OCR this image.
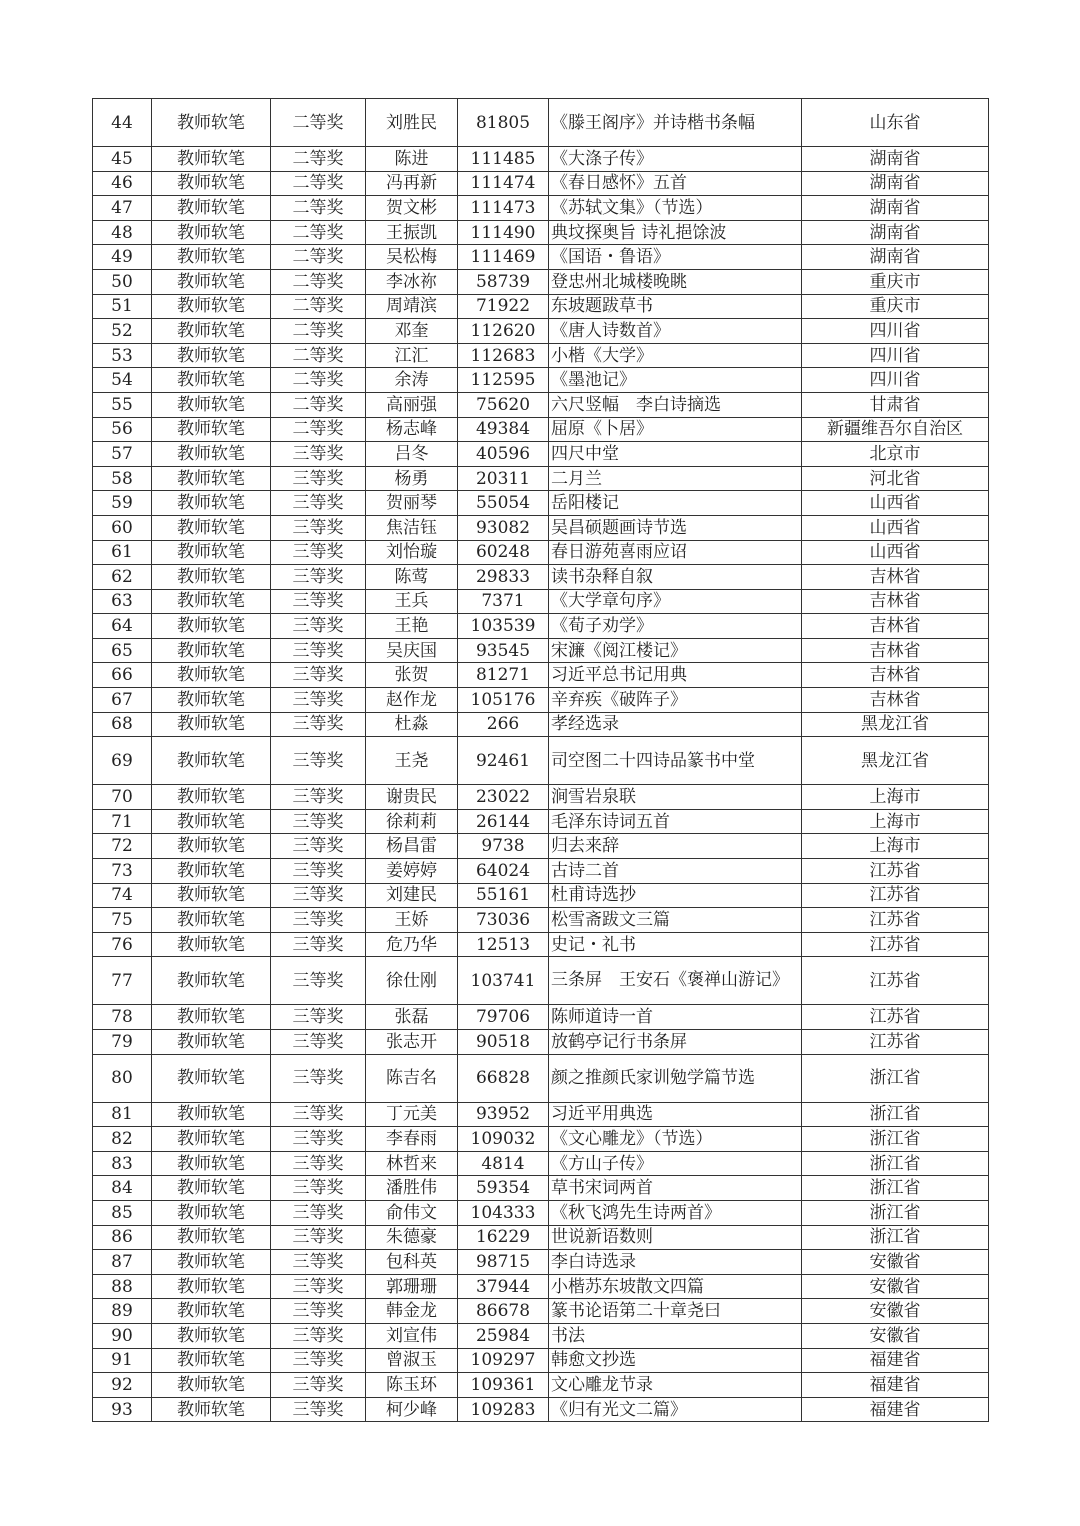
44	教师软笔	二等奖	刘胜民	81805	《滕王阁序》并诗楷书条幅	山东省
45	教师软笔	二等奖	陈进	111485	《大涤子传》	湖南省
46	教师软笔	二等奖	冯再新	111474	《春日感怀》五首	湖南省
47	教师软笔	二等奖	贺文彬	111473	《苏轼文集》（节选）	湖南省
48	教师软笔	二等奖	王振凯	111490	典坟探奥旨 诗礼挹馀波	湖南省
49	教师软笔	二等奖	吴松梅	111469	《国语・鲁语》	湖南省
50	教师软笔	二等奖	李冰祢	58739	登忠州北城楼晚眺	重庆市
51	教师软笔	二等奖	周靖滨	71922	东坡题跋草书	重庆市
52	教师软笔	二等奖	邓奎	112620	《唐人诗数首》	四川省
53	教师软笔	二等奖	江汇	112683	小楷《大学》	四川省
54	教师软笔	二等奖	余涛	112595	《墨池记》	四川省
55	教师软笔	二等奖	高丽强	75620	六尺竖幅　李白诗摘选	甘肃省
56	教师软笔	二等奖	杨志峰	49384	屈原《卜居》	新疆维吾尔自治区
57	教师软笔	三等奖	吕冬	40596	四尺中堂	北京市
58	教师软笔	三等奖	杨勇	20311	二月兰	河北省
59	教师软笔	三等奖	贺丽琴	55054	岳阳楼记	山西省
60	教师软笔	三等奖	焦洁钰	93082	吴昌硕题画诗节选	山西省
61	教师软笔	三等奖	刘怡璇	60248	春日游苑喜雨应诏	山西省
62	教师软笔	三等奖	陈莺	29833	读书杂释自叙	吉林省
63	教师软笔	三等奖	王兵	7371	《大学章句序》	吉林省
64	教师软笔	三等奖	王艳	103539	《荀子劝学》	吉林省
65	教师软笔	三等奖	吴庆国	93545	宋濂《阅江楼记》	吉林省
66	教师软笔	三等奖	张贺	81271	习近平总书记用典	吉林省
67	教师软笔	三等奖	赵作龙	105176	辛弃疾《破阵子》	吉林省
68	教师软笔	三等奖	杜淼	266	孝经选录	黑龙江省
69	教师软笔	三等奖	王尧	92461	司空图二十四诗品篆书中堂	黑龙江省
70	教师软笔	三等奖	谢贵民	23022	涧雪岩泉联	上海市
71	教师软笔	三等奖	徐莉莉	26144	毛泽东诗词五首	上海市
72	教师软笔	三等奖	杨昌雷	9738	归去来辞	上海市
73	教师软笔	三等奖	姜婷婷	64024	古诗二首	江苏省
74	教师软笔	三等奖	刘建民	55161	杜甫诗选抄	江苏省
75	教师软笔	三等奖	王娇	73036	松雪斋跋文三篇	江苏省
76	教师软笔	三等奖	危乃华	12513	史记・礼书	江苏省
77	教师软笔	三等奖	徐仕刚	103741	三条屏　王安石《褒禅山游记》	江苏省
78	教师软笔	三等奖	张磊	79706	陈师道诗一首	江苏省
79	教师软笔	三等奖	张志开	90518	放鹤亭记行书条屏	江苏省
80	教师软笔	三等奖	陈吉名	66828	颜之推颜氏家训勉学篇节选	浙江省
81	教师软笔	三等奖	丁元美	93952	习近平用典选	浙江省
82	教师软笔	三等奖	李春雨	109032	《文心雕龙》（节选）	浙江省
83	教师软笔	三等奖	林哲来	4814	《方山子传》	浙江省
84	教师软笔	三等奖	潘胜伟	59354	草书宋词两首	浙江省
85	教师软笔	三等奖	俞伟文	104333	《秋飞鸿先生诗两首》	浙江省
86	教师软笔	三等奖	朱德豪	16229	世说新语数则	浙江省
87	教师软笔	三等奖	包科英	98715	李白诗选录	安徽省
88	教师软笔	三等奖	郭珊珊	37944	小楷苏东坡散文四篇	安徽省
89	教师软笔	三等奖	韩金龙	86678	篆书论语第二十章尧曰	安徽省
90	教师软笔	三等奖	刘宣伟	25984	书法	安徽省
91	教师软笔	三等奖	曾淑玉	109297	韩愈文抄选	福建省
92	教师软笔	三等奖	陈玉环	109361	文心雕龙节录	福建省
93	教师软笔	三等奖	柯少峰	109283	《归有光文二篇》	福建省
